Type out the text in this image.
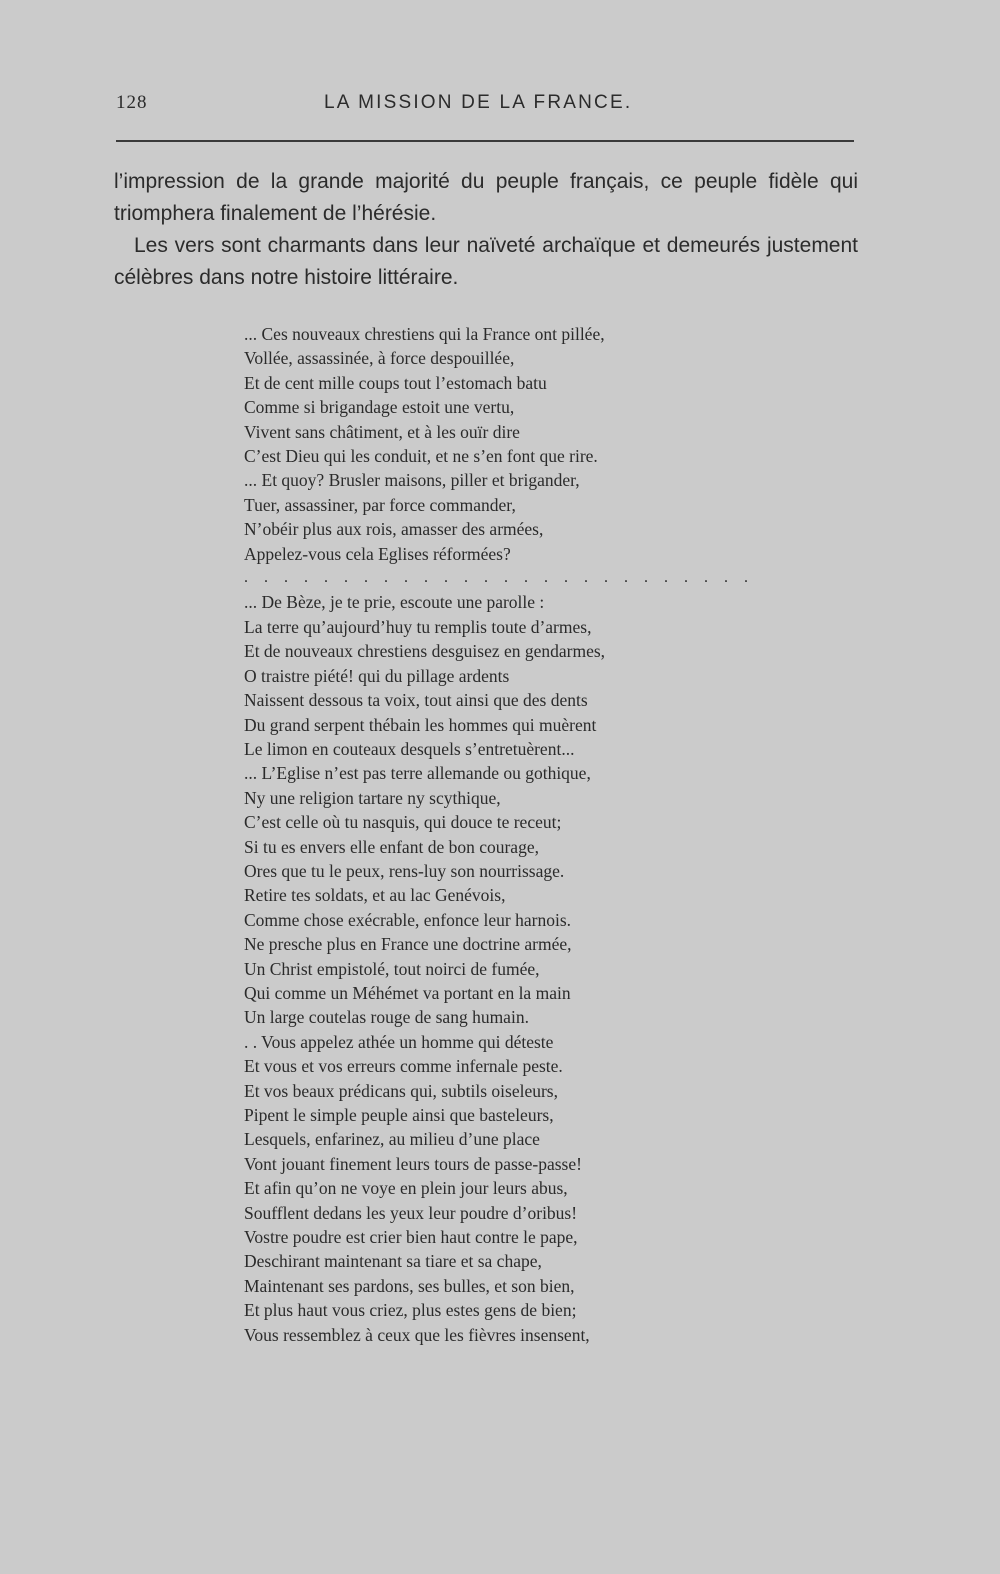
128	LA MISSION DE LA FRANCE.

l’impression de la grande majorité du peuple français, ce peuple fidèle qui triomphera finalement de l’hérésie.

Les vers sont charmants dans leur naïveté archaïque et demeurés justement célèbres dans notre histoire littéraire.

... Ces nouveaux chrestiens qui la France ont pillée,

Vollée, assassinée, à force despouillée,

Et de cent mille coups tout l’estomach batu

Comme si brigandage estoit une vertu,

Vivent sans châtiment, et à les ouïr dire

C’est Dieu qui les conduit, et ne s’en font que rire.

... Et quoy? Brusler maisons, piller et brigander,

Tuer, assassiner, par force commander,

N’obéir plus aux rois, amasser des armées,

Appelez-vous cela Eglises réformées?

. . . . . . . . . . . . . . . . . . . . . . . . . .

... De Bèze, je te prie, escoute une parolle :

La terre qu’aujourd’huy tu remplis toute d’armes,

Et de nouveaux chrestiens desguisez en gendarmes,

O traistre piété! qui du pillage ardents

Naissent dessous ta voix, tout ainsi que des dents

Du grand serpent thébain les hommes qui muèrent

Le limon en couteaux desquels s’entretuèrent...

... L’Eglise n’est pas terre allemande ou gothique,

Ny une religion tartare ny scythique,

C’est celle où tu nasquis, qui douce te receut;

Si tu es envers elle enfant de bon courage,

Ores que tu le peux, rens-luy son nourrissage.

Retire tes soldats, et au lac Genévois,

Comme chose exécrable, enfonce leur harnois.

Ne presche plus en France une doctrine armée,

Un Christ empistolé, tout noirci de fumée,

Qui comme un Méhémet va portant en la main

Un large coutelas rouge de sang humain.

. . Vous appelez athée un homme qui déteste

Et vous et vos erreurs comme infernale peste.

Et vos beaux prédicans qui, subtils oiseleurs,

Pipent le simple peuple ainsi que basteleurs,

Lesquels, enfarinez, au milieu d’une place

Vont jouant finement leurs tours de passe-passe!

Et afin qu’on ne voye en plein jour leurs abus,

Soufflent dedans les yeux leur poudre d’oribus!

Vostre poudre est crier bien haut contre le pape,

Deschirant maintenant sa tiare et sa chape,

Maintenant ses pardons, ses bulles, et son bien,

Et plus haut vous criez, plus estes gens de bien;

Vous ressemblez à ceux que les fièvres insensent,
